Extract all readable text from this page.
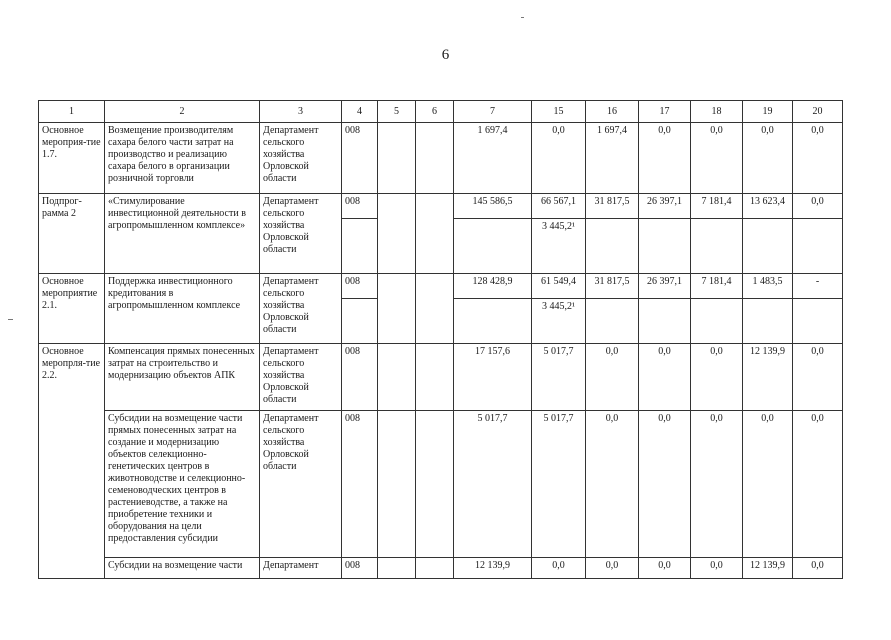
6
1	2	3	4	5	6	7	15	16	17	18	19	20
Основное мероприя-тие 1.7.	Возмещение производителям сахара белого части затрат на производство и реализацию сахара белого в организации розничной торговли	Департамент сельского хозяйства Орловской области	008			1 697,4	0,0	1 697,4	0,0	0,0	0,0	0,0
Подпрог-рамма 2	«Стимулирование инвестиционной деятельности в агропромышленном комплексе»	Департамент сельского хозяйства Орловской области	008			145 586,5	66 567,1	31 817,5	26 397,1	7 181,4	13 623,4	0,0
							3 445,2¹					
Основное мероприятие 2.1.	Поддержка инвестиционного кредитования в агропромышленном комплексе	Департамент сельского хозяйства Орловской области	008			128 428,9	61 549,4	31 817,5	26 397,1	7 181,4	1 483,5	-
							3 445,2¹					
Основное меропрля-тие 2.2.	Компенсация прямых понесенных затрат на строительство и модернизацию объектов АПК	Департамент сельского хозяйства Орловской области	008			17 157,6	5 017,7	0,0	0,0	0,0	12 139,9	0,0
	Субсидии на возмещение части прямых понесенных затрат на создание и модернизацию объектов селекционно-генетических центров в животноводстве и селекционно-семеноводческих центров в растениеводстве, а также на приобретение техники и оборудования на цели предоставления субсидии	Департамент сельского хозяйства Орловской области	008			5 017,7	5 017,7	0,0	0,0	0,0	0,0	0,0
	Субсидии на возмещение части	Департамент	008			12 139,9	0,0	0,0	0,0	0,0	12 139,9	0,0
